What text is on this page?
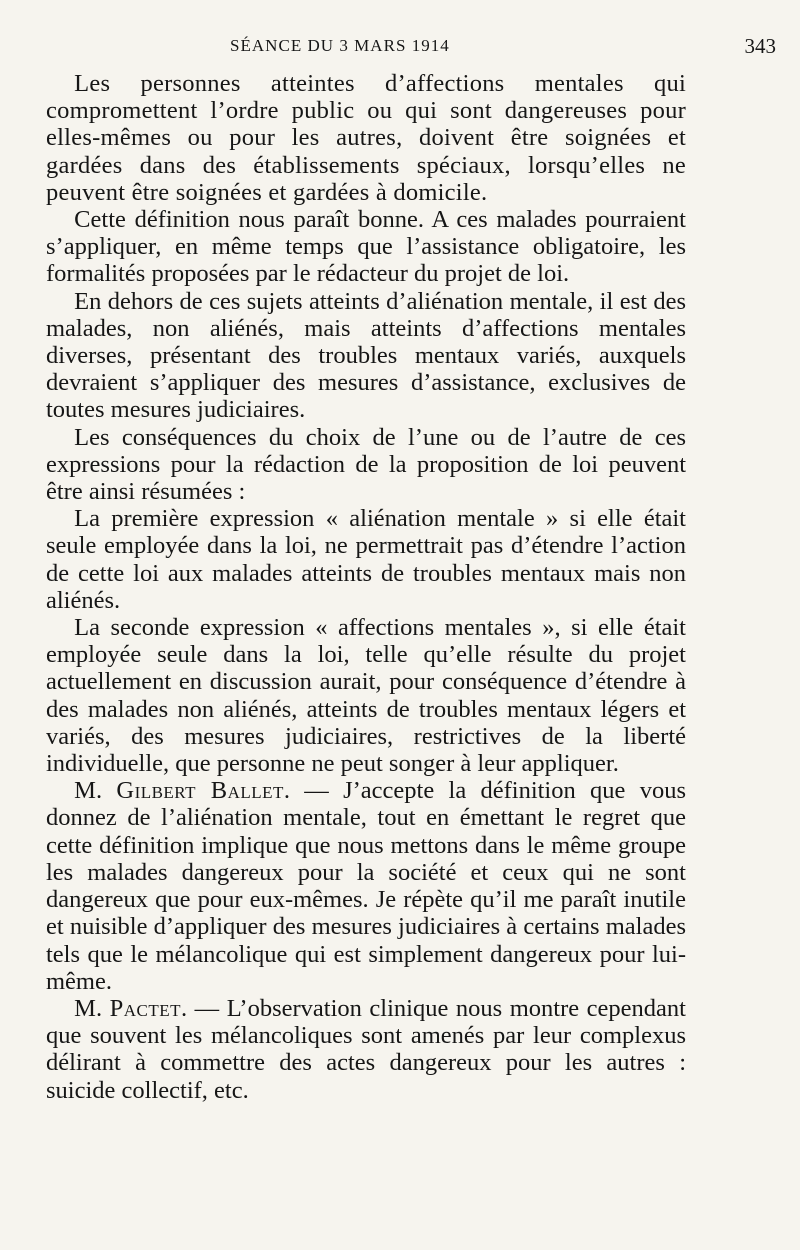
SÉANCE DU 3 MARS 1914	343

Les personnes atteintes d’affections mentales qui compromettent l’ordre public ou qui sont dangereuses pour elles-mêmes ou pour les autres, doivent être soignées et gardées dans des établissements spéciaux, lorsqu’elles ne peuvent être soignées et gardées à domicile.

Cette définition nous paraît bonne. A ces malades pourraient s’appliquer, en même temps que l’assistance obligatoire, les formalités proposées par le rédacteur du projet de loi.

En dehors de ces sujets atteints d’aliénation mentale, il est des malades, non aliénés, mais atteints d’affections mentales diverses, présentant des troubles mentaux variés, auxquels devraient s’appliquer des mesures d’assistance, exclusives de toutes mesures judiciaires.

Les conséquences du choix de l’une ou de l’autre de ces expressions pour la rédaction de la proposition de loi peuvent être ainsi résumées :

La première expression « aliénation mentale » si elle était seule employée dans la loi, ne permettrait pas d’étendre l’action de cette loi aux malades atteints de troubles mentaux mais non aliénés.

La seconde expression « affections mentales », si elle était employée seule dans la loi, telle qu’elle résulte du projet actuellement en discussion aurait, pour conséquence d’étendre à des malades non aliénés, atteints de troubles mentaux légers et variés, des mesures judiciaires, restrictives de la liberté individuelle, que personne ne peut songer à leur appliquer.

M. Gilbert Ballet. — J’accepte la définition que vous donnez de l’aliénation mentale, tout en émettant le regret que cette définition implique que nous mettons dans le même groupe les malades dangereux pour la société et ceux qui ne sont dangereux que pour eux-mêmes. Je répète qu’il me paraît inutile et nuisible d’appliquer des mesures judiciaires à certains malades tels que le mélancolique qui est simplement dangereux pour lui-même.

M. Pactet. — L’observation clinique nous montre cependant que souvent les mélancoliques sont amenés par leur complexus délirant à commettre des actes dangereux pour les autres : suicide collectif, etc.
